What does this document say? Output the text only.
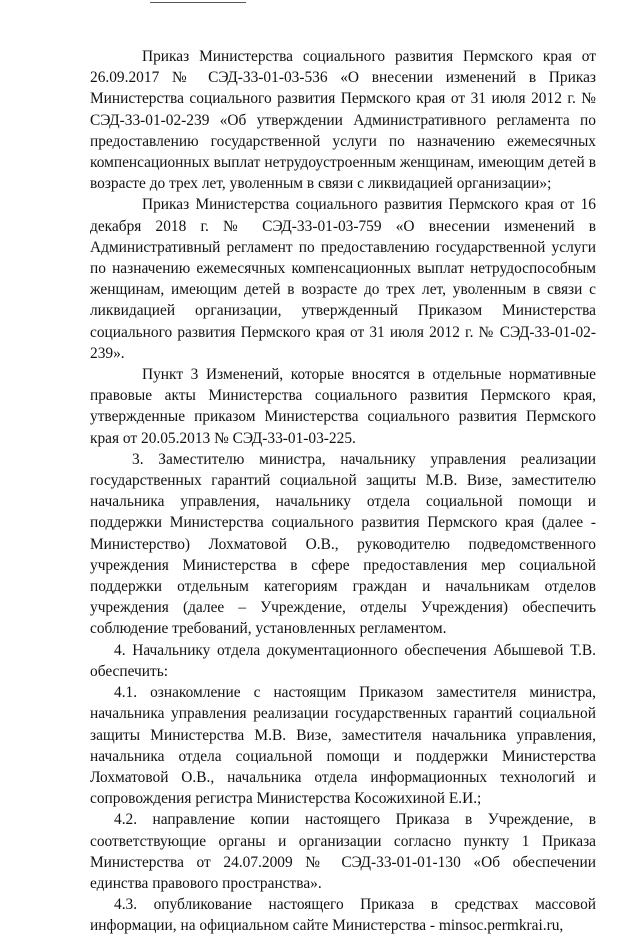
Приказ Министерства социального развития Пермского края от 26.09.2017 № СЭД-33-01-03-536 «О внесении изменений в Приказ Министерства социального развития Пермского края от 31 июля 2012 г. № СЭД-33-01-02-239 «Об утверждении Административного регламента по предоставлению государственной услуги по назначению ежемесячных компенсационных выплат нетрудоустроенным женщинам, имеющим детей в возрасте до трех лет, уволенным в связи с ликвидацией организации»;

Приказ Министерства социального развития Пермского края от 16 декабря 2018 г. № СЭД-33-01-03-759 «О внесении изменений в Административный регламент по предоставлению государственной услуги по назначению ежемесячных компенсационных выплат нетрудоспособным женщинам, имеющим детей в возрасте до трех лет, уволенным в связи с ликвидацией организации, утвержденный Приказом Министерства социального развития Пермского края от 31 июля 2012 г. № СЭД-33-01-02-239».

Пункт 3 Изменений, которые вносятся в отдельные нормативные правовые акты Министерства социального развития Пермского края, утвержденные приказом Министерства социального развития Пермского края от 20.05.2013 № СЭД-33-01-03-225.

3. Заместителю министра, начальнику управления реализации государственных гарантий социальной защиты М.В. Визе, заместителю начальника управления, начальнику отдела социальной помощи и поддержки Министерства социального развития Пермского края (далее - Министерство) Лохматовой О.В., руководителю подведомственного учреждения Министерства в сфере предоставления мер социальной поддержки отдельным категориям граждан и начальникам отделов учреждения (далее – Учреждение, отделы Учреждения) обеспечить соблюдение требований, установленных регламентом.

4. Начальнику отдела документационного обеспечения Абышевой Т.В. обеспечить:

4.1. ознакомление с настоящим Приказом заместителя министра, начальника управления реализации государственных гарантий социальной защиты Министерства М.В. Визе, заместителя начальника управления, начальника отдела социальной помощи и поддержки Министерства Лохматовой О.В., начальника отдела информационных технологий и сопровождения регистра Министерства Косожихиной Е.И.;

4.2. направление копии настоящего Приказа в Учреждение, в соответствующие органы и организации согласно пункту 1 Приказа Министерства от 24.07.2009 № СЭД-33-01-01-130 «Об обеспечении единства правового пространства».

4.3. опубликование настоящего Приказа в средствах массовой информации, на официальном сайте Министерства - minsoc.permkrai.ru,
